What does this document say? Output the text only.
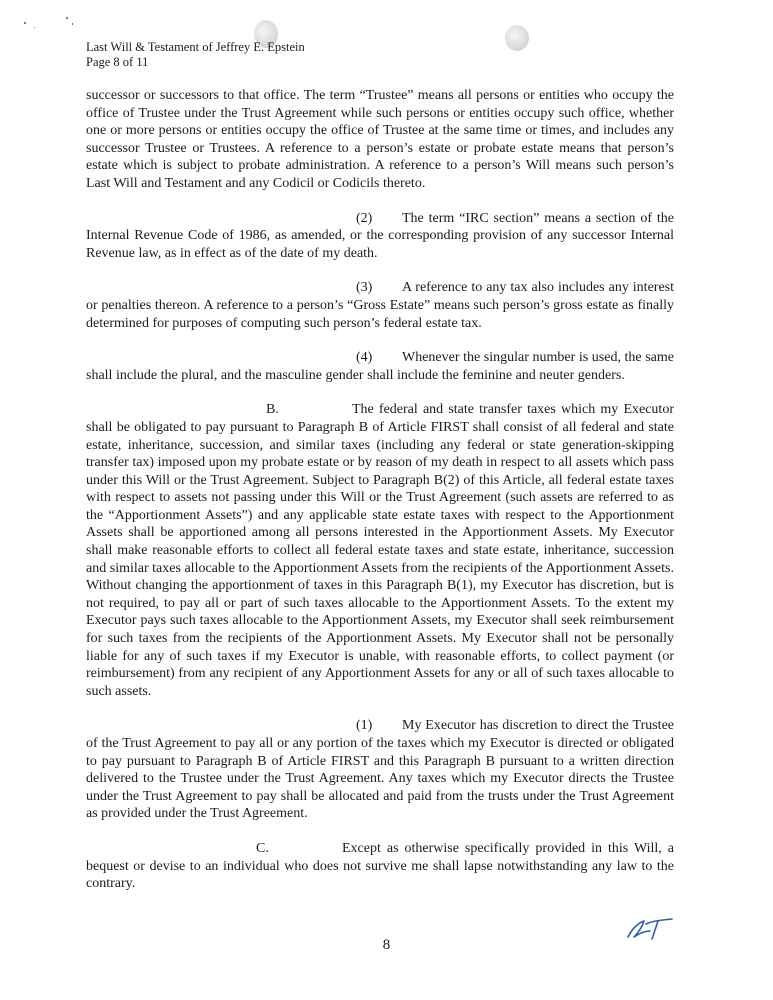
Last Will & Testament of Jeffrey E. Epstein
Page 8 of 11

successor or successors to that office. The term “Trustee” means all persons or entities who occupy the office of Trustee under the Trust Agreement while such persons or entities occupy such office, whether one or more persons or entities occupy the office of Trustee at the same time or times, and includes any successor Trustee or Trustees. A reference to a person’s estate or probate estate means that person’s estate which is subject to probate administration. A reference to a person’s Will means such person’s Last Will and Testament and any Codicil or Codicils thereto.

(2) The term “IRC section” means a section of the Internal Revenue Code of 1986, as amended, or the corresponding provision of any successor Internal Revenue law, as in effect as of the date of my death.

(3) A reference to any tax also includes any interest or penalties thereon. A reference to a person’s “Gross Estate” means such person’s gross estate as finally determined for purposes of computing such person’s federal estate tax.

(4) Whenever the singular number is used, the same shall include the plural, and the masculine gender shall include the feminine and neuter genders.

B.	The federal and state transfer taxes which my Executor shall be obligated to pay pursuant to Paragraph B of Article FIRST shall consist of all federal and state estate, inheritance, succession, and similar taxes (including any federal or state generation-skipping transfer tax) imposed upon my probate estate or by reason of my death in respect to all assets which pass under this Will or the Trust Agreement. Subject to Paragraph B(2) of this Article, all federal estate taxes with respect to assets not passing under this Will or the Trust Agreement (such assets are referred to as the “Apportionment Assets”) and any applicable state estate taxes with respect to the Apportionment Assets shall be apportioned among all persons interested in the Apportionment Assets. My Executor shall make reasonable efforts to collect all federal estate taxes and state estate, inheritance, succession and similar taxes allocable to the Apportionment Assets from the recipients of the Apportionment Assets. Without changing the apportionment of taxes in this Paragraph B(1), my Executor has discretion, but is not required, to pay all or part of such taxes allocable to the Apportionment Assets. To the extent my Executor pays such taxes allocable to the Apportionment Assets, my Executor shall seek reimbursement for such taxes from the recipients of the Apportionment Assets. My Executor shall not be personally liable for any of such taxes if my Executor is unable, with reasonable efforts, to collect payment (or reimbursement) from any recipient of any Apportionment Assets for any or all of such taxes allocable to such assets.

(1) My Executor has discretion to direct the Trustee of the Trust Agreement to pay all or any portion of the taxes which my Executor is directed or obligated to pay pursuant to Paragraph B of Article FIRST and this Paragraph B pursuant to a written direction delivered to the Trustee under the Trust Agreement. Any taxes which my Executor directs the Trustee under the Trust Agreement to pay shall be allocated and paid from the trusts under the Trust Agreement as provided under the Trust Agreement.

C.	Except as otherwise specifically provided in this Will, a bequest or devise to an individual who does not survive me shall lapse notwithstanding any law to the contrary.

8
